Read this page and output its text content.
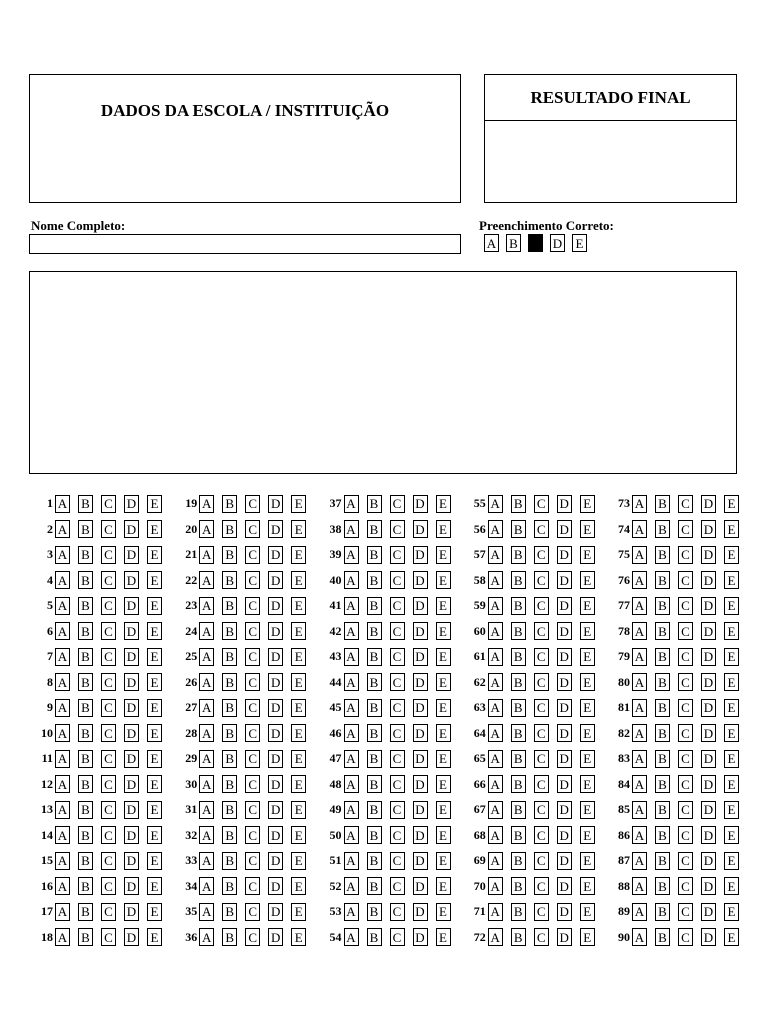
DADOS DA ESCOLA / INSTITUIÇÃO
RESULTADO FINAL
Nome Completo:	Preenchimento Correto:
A B C D E
1 A B C D E
2 A B C D E
3 A B C D E
4 A B C D E
5 A B C D E
6 A B C D E
7 A B C D E
8 A B C D E
9 A B C D E
10 A B C D E
11 A B C D E
12 A B C D E
13 A B C D E
14 A B C D E
15 A B C D E
16 A B C D E
17 A B C D E
18 A B C D E
19 A B C D E
20 A B C D E
21 A B C D E
22 A B C D E
23 A B C D E
24 A B C D E
25 A B C D E
26 A B C D E
27 A B C D E
28 A B C D E
29 A B C D E
30 A B C D E
31 A B C D E
32 A B C D E
33 A B C D E
34 A B C D E
35 A B C D E
36 A B C D E
37 A B C D E
38 A B C D E
39 A B C D E
40 A B C D E
41 A B C D E
42 A B C D E
43 A B C D E
44 A B C D E
45 A B C D E
46 A B C D E
47 A B C D E
48 A B C D E
49 A B C D E
50 A B C D E
51 A B C D E
52 A B C D E
53 A B C D E
54 A B C D E
55 A B C D E
56 A B C D E
57 A B C D E
58 A B C D E
59 A B C D E
60 A B C D E
61 A B C D E
62 A B C D E
63 A B C D E
64 A B C D E
65 A B C D E
66 A B C D E
67 A B C D E
68 A B C D E
69 A B C D E
70 A B C D E
71 A B C D E
72 A B C D E
73 A B C D E
74 A B C D E
75 A B C D E
76 A B C D E
77 A B C D E
78 A B C D E
79 A B C D E
80 A B C D E
81 A B C D E
82 A B C D E
83 A B C D E
84 A B C D E
85 A B C D E
86 A B C D E
87 A B C D E
88 A B C D E
89 A B C D E
90 A B C D E
